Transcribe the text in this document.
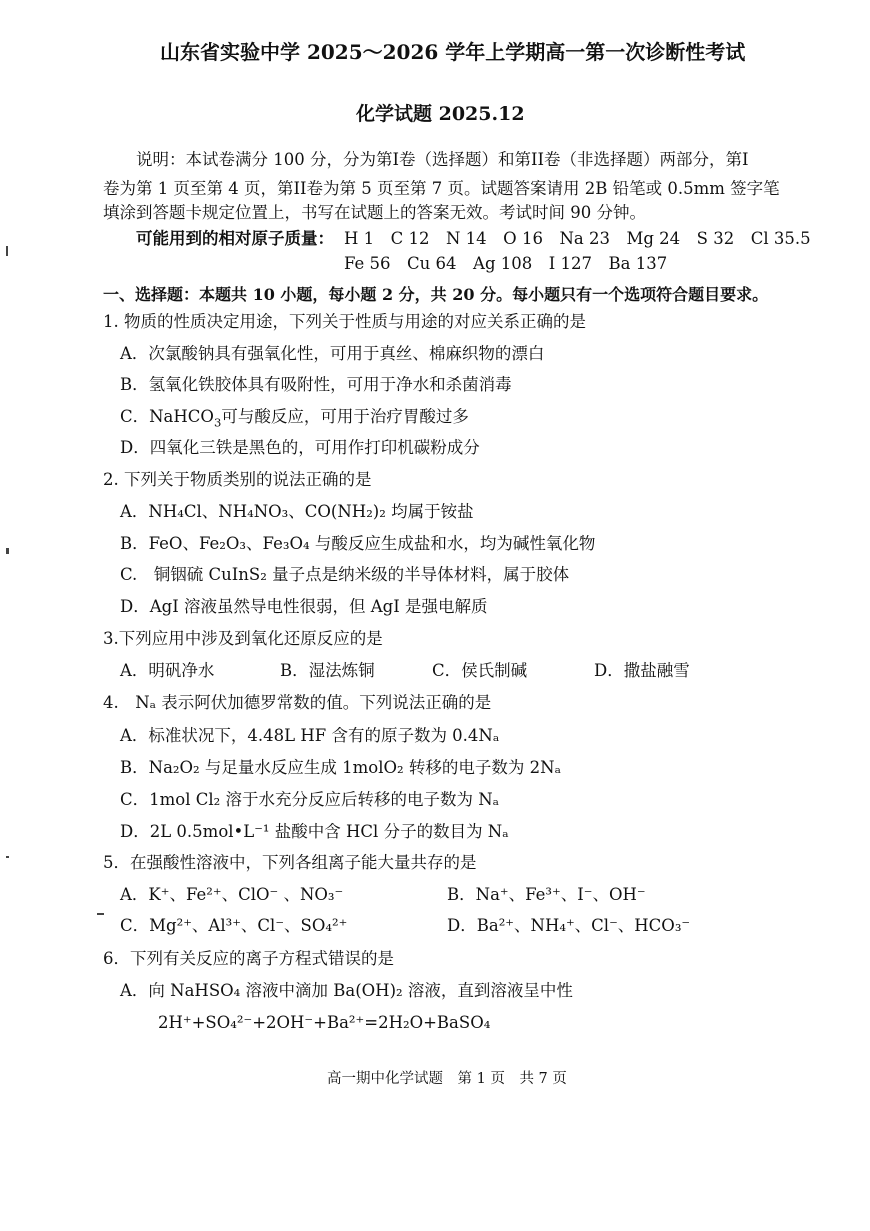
山东省实验中学 2025～2026 学年上学期高一第一次诊断性考试
化学试题 2025.12
说明：本试卷满分 100 分，分为第I卷（选择题）和第II卷（非选择题）两部分，第I
卷为第 1 页至第 4 页，第II卷为第 5 页至第 7 页。试题答案请用 2B 铅笔或 0.5mm 签字笔
填涂到答题卡规定位置上，书写在试题上的答案无效。考试时间 90 分钟。
可能用到的相对原子质量： H 1　C 12　N 14　O 16　Na 23　Mg 24　S 32　Cl 35.5
Fe 56　Cu 64　Ag 108　I 127　Ba 137
一、选择题：本题共 10 小题，每小题 2 分，共 20 分。每小题只有一个选项符合题目要求。
1. 物质的性质决定用途，下列关于性质与用途的对应关系正确的是
A．次氯酸钠具有强氧化性，可用于真丝、棉麻织物的漂白
B．氢氧化铁胶体具有吸附性，可用于净水和杀菌消毒
C．NaHCO$_3$可与酸反应，可用于治疗胃酸过多
D．四氧化三铁是黑色的，可用作打印机碳粉成分
2. 下列关于物质类别的说法正确的是
A．NH₄Cl、NH₄NO₃、CO(NH₂)₂ 均属于铵盐
B．FeO、Fe₂O₃、Fe₃O₄ 与酸反应生成盐和水，均为碱性氧化物
C.　铜铟硫 CuInS₂ 量子点是纳米级的半导体材料，属于胶体
D．AgI 溶液虽然导电性很弱，但 AgI 是强电解质
3.下列应用中涉及到氧化还原反应的是
A．明矾净水	B．湿法炼铜	C．侯氏制碱	D．撒盐融雪
4.　Nₐ 表示阿伏加德罗常数的值。下列说法正确的是
A．标准状况下，4.48L HF 含有的原子数为 0.4Nₐ
B．Na₂O₂ 与足量水反应生成 1molO₂ 转移的电子数为 2Nₐ
C．1mol Cl₂ 溶于水充分反应后转移的电子数为 Nₐ
D．2L 0.5mol•L⁻¹ 盐酸中含 HCl 分子的数目为 Nₐ
5．在强酸性溶液中，下列各组离子能大量共存的是
A．K⁺、Fe²⁺、ClO⁻ 、NO₃⁻	B．Na⁺、Fe³⁺、I⁻、OH⁻
C．Mg²⁺、Al³⁺、Cl⁻、SO₄²⁺	D．Ba²⁺、NH₄⁺、Cl⁻、HCO₃⁻
6．下列有关反应的离子方程式错误的是
A．向 NaHSO₄ 溶液中滴加 Ba(OH)₂ 溶液，直到溶液呈中性
2H⁺+SO₄²⁻+2OH⁻+Ba²⁺=2H₂O+BaSO₄
高一期中化学试题　第 1 页　共 7 页
